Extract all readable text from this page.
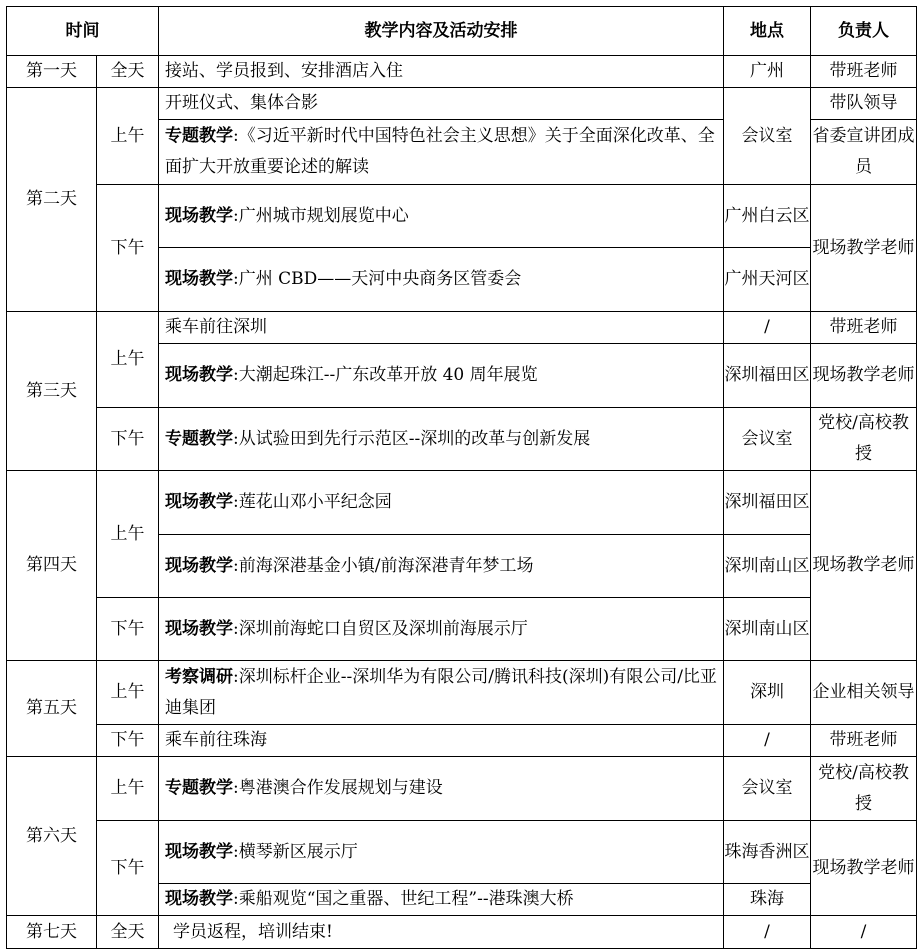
时间		教学内容及活动安排	地点	负责人
第一天	全天	接站、学员报到、安排酒店入住	广州	带班老师
第二天	上午	开班仪式、集体合影	会议室	带队领导
		专题教学:《习近平新时代中国特色社会主义思想》关于全面深化改革、全面扩大开放重要论述的解读		省委宣讲团成员
	下午	现场教学:广州城市规划展览中心	广州白云区	现场教学老师
		现场教学:广州 CBD——天河中央商务区管委会	广州天河区	
第三天	上午	乘车前往深圳	/	带班老师
		现场教学:大潮起珠江--广东改革开放 40 周年展览	深圳福田区	现场教学老师
	下午	专题教学:从试验田到先行示范区--深圳的改革与创新发展	会议室	党校/高校教授
第四天	上午	现场教学:莲花山邓小平纪念园	深圳福田区	现场教学老师
		现场教学:前海深港基金小镇/前海深港青年梦工场	深圳南山区	
	下午	现场教学:深圳前海蛇口自贸区及深圳前海展示厅	深圳南山区	
第五天	上午	考察调研:深圳标杆企业--深圳华为有限公司/腾讯科技(深圳)有限公司/比亚迪集团	深圳	企业相关领导
	下午	乘车前往珠海	/	带班老师
第六天	上午	专题教学:粤港澳合作发展规划与建设	会议室	党校/高校教授
	下午	现场教学:横琴新区展示厅	珠海香洲区	现场教学老师
		现场教学:乘船观览“国之重器、世纪工程”--港珠澳大桥	珠海	
第七天	全天	学员返程，培训结束!	/	/
